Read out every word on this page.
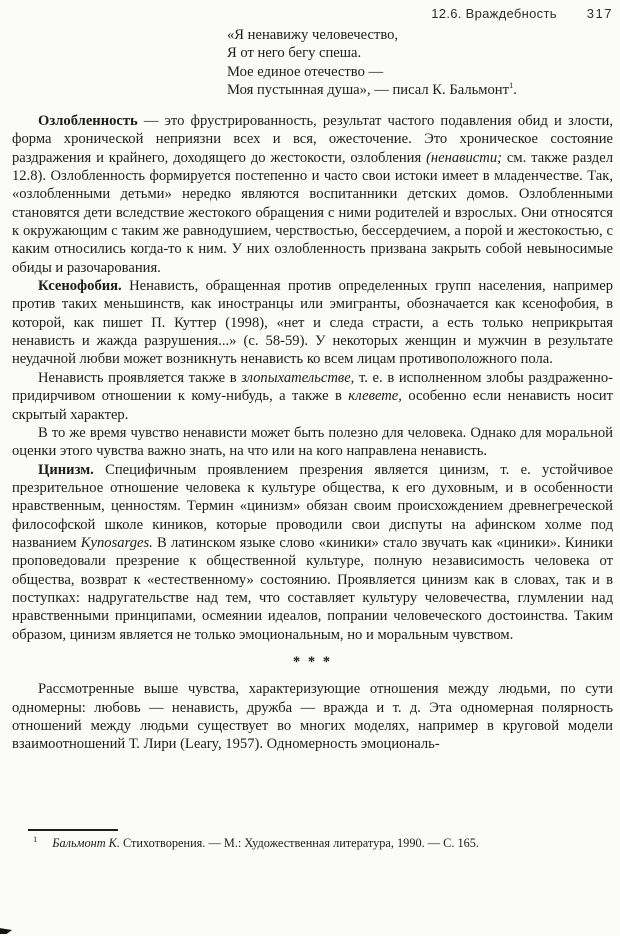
12.6. Враждебность 317
«Я ненавижу человечество,
Я от него бегу спеша.
Мое единое отечество —
Моя пустынная душа», — писал К. Бальмонт$^1$.

Озлобленность — это фрустрированность, результат частого подавления обид и злости, форма хронической неприязни всех и вся, ожесточение. Это хроническое состояние раздражения и крайнего, доходящего до жестокости, озлобления (ненависти; см. также раздел 12.8). Озлобленность формируется постепенно и часто свои истоки имеет в младенчестве. Так, «озлобленными детьми» нередко являются воспитанники детских домов. Озлобленными становятся дети вследствие жестокого обращения с ними родителей и взрослых. Они относятся к окружающим с таким же равнодушием, черствостью, бессердечием, а порой и жестокостью, с каким относились когда-то к ним. У них озлобленность призвана закрыть собой невыносимые обиды и разочарования.

Ксенофобия. Ненависть, обращенная против определенных групп населения, например против таких меньшинств, как иностранцы или эмигранты, обозначается как ксенофобия, в которой, как пишет П. Куттер (1998), «нет и следа страсти, а есть только неприкрытая ненависть и жажда разрушения...» (с. 58-59). У некоторых женщин и мужчин в результате неудачной любви может возникнуть ненависть ко всем лицам противоположного пола.

Ненависть проявляется также в злопыхательстве, т. е. в исполненном злобы раздраженно-придирчивом отношении к кому-нибудь, а также в клевете, особенно если ненависть носит скрытый характер.

В то же время чувство ненависти может быть полезно для человека. Однако для моральной оценки этого чувства важно знать, на что или на кого направлена ненависть.

Цинизм. Специфичным проявлением презрения является цинизм, т. е. устойчивое презрительное отношение человека к культуре общества, к его духовным, и в особенности нравственным, ценностям. Термин «цинизм» обязан своим происхождением древнегреческой философской школе киников, которые проводили свои диспуты на афинском холме под названием Kynosarges. В латинском языке слово «киники» стало звучать как «циники». Киники проповедовали презрение к общественной культуре, полную независимость человека от общества, возврат к «естественному» состоянию. Проявляется цинизм как в словах, так и в поступках: надругательстве над тем, что составляет культуру человечества, глумлении над нравственными принципами, осмеянии идеалов, попрании человеческого достоинства. Таким образом, цинизм является не только эмоциональным, но и моральным чувством.

* * *

Рассмотренные выше чувства, характеризующие отношения между людьми, по сути одномерны: любовь — ненависть, дружба — вражда и т. д. Эта одномерная полярность отношений между людьми существует во многих моделях, например в круговой модели взаимоотношений Т. Лири (Leary, 1957). Одномерность эмоциональ-

$^1$ Бальмонт К. Стихотворения. — М.: Художественная литература, 1990. — С. 165.
